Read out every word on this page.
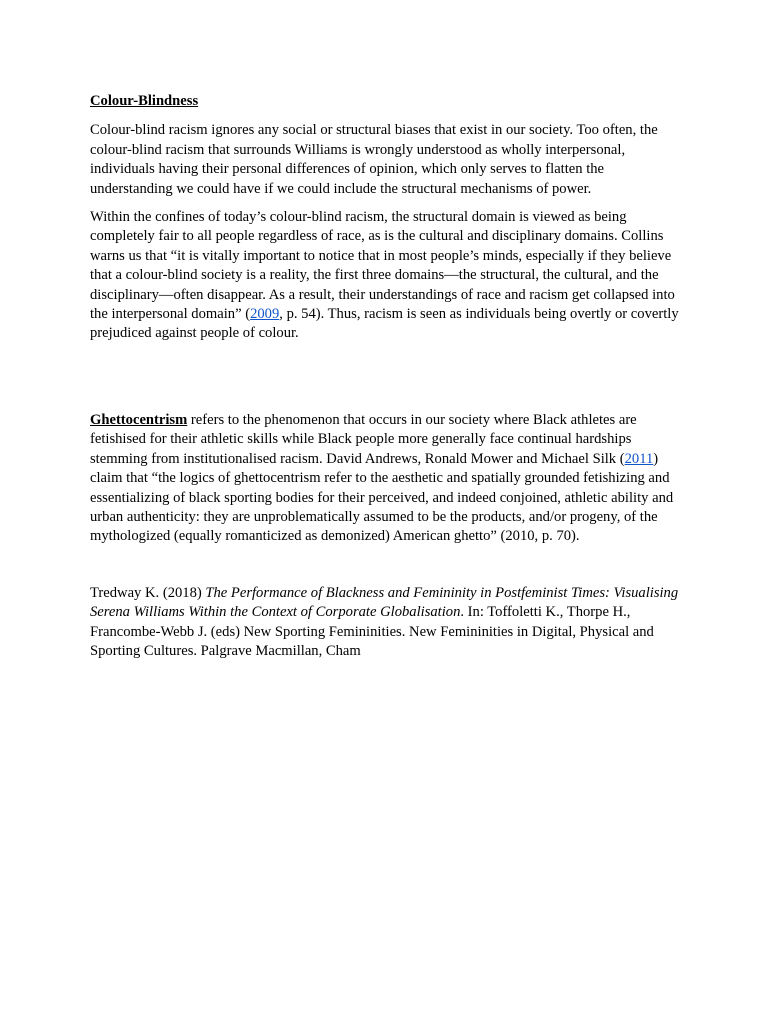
Colour-Blindness

Colour-blind racism ignores any social or structural biases that exist in our society. Too often, the colour-blind racism that surrounds Williams is wrongly understood as wholly interpersonal, individuals having their personal differences of opinion, which only serves to flatten the understanding we could have if we could include the structural mechanisms of power.

Within the confines of today’s colour-blind racism, the structural domain is viewed as being completely fair to all people regardless of race, as is the cultural and disciplinary domains. Collins warns us that “it is vitally important to notice that in most people’s minds, especially if they believe that a colour-blind society is a reality, the first three domains—the structural, the cultural, and the disciplinary—often disappear. As a result, their understandings of race and racism get collapsed into the interpersonal domain” (2009, p. 54). Thus, racism is seen as individuals being overtly or covertly prejudiced against people of colour.

Ghettocentrism refers to the phenomenon that occurs in our society where Black athletes are fetishised for their athletic skills while Black people more generally face continual hardships stemming from institutionalised racism. David Andrews, Ronald Mower and Michael Silk (2011) claim that “the logics of ghettocentrism refer to the aesthetic and spatially grounded fetishizing and essentializing of black sporting bodies for their perceived, and indeed conjoined, athletic ability and urban authenticity: they are unproblematically assumed to be the products, and/or progeny, of the mythologized (equally romanticized as demonized) American ghetto” (2010, p. 70).

Tredway K. (2018) The Performance of Blackness and Femininity in Postfeminist Times: Visualising Serena Williams Within the Context of Corporate Globalisation. In: Toffoletti K., Thorpe H., Francombe-Webb J. (eds) New Sporting Femininities. New Femininities in Digital, Physical and Sporting Cultures. Palgrave Macmillan, Cham
